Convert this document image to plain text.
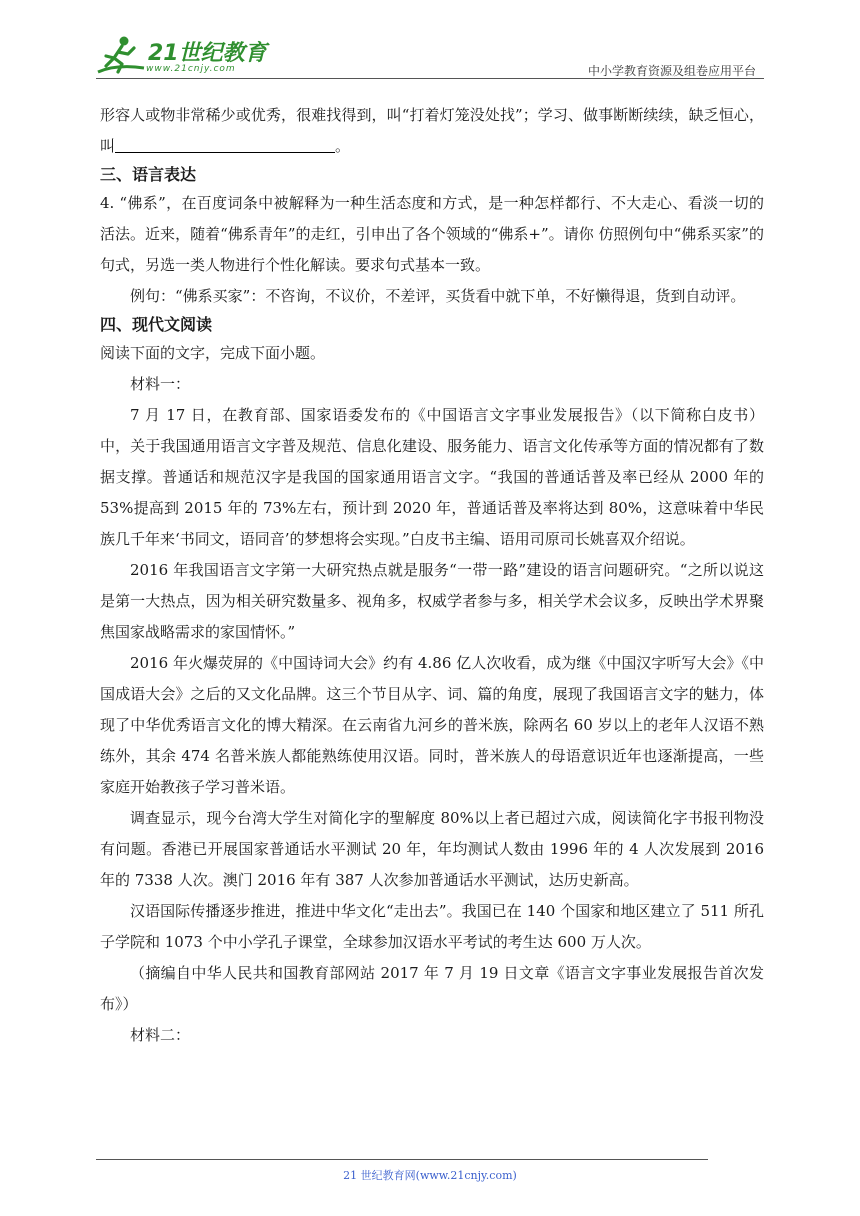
21世纪教育
www.21cnjy.com	中小学教育资源及组卷应用平台

形容人或物非常稀少或优秀，很难找得到，叫“打着灯笼没处找”；学习、做事断断续续，缺乏恒心，叫	。

三、语言表达

4. “佛系”，在百度词条中被解释为一种生活态度和方式，是一种怎样都行、不大走心、看淡一切的活法。近来，随着“佛系青年”的走红，引申出了各个领域的“佛系+”。请你 仿照例句中“佛系买家”的句式，另选一类人物进行个性化解读。要求句式基本一致。

例句：“佛系买家”：不咨询，不议价，不差评，买货看中就下单，不好懒得退，货到自动评。

四、现代文阅读

阅读下面的文字，完成下面小题。

材料一：

7 月 17 日，在教育部、国家语委发布的《中国语言文字事业发展报告》（以下简称白皮书）中，关于我国通用语言文字普及规范、信息化建设、服务能力、语言文化传承等方面的情况都有了数据支撑。普通话和规范汉字是我国的国家通用语言文字。“我国的普通话普及率已经从 2000 年的 53%提高到 2015 年的 73%左右，预计到 2020 年，普通话普及率将达到 80%，这意味着中华民族几千年来‘书同文，语同音’的梦想将会实现。”白皮书主编、语用司原司长姚喜双介绍说。

2016 年我国语言文字第一大研究热点就是服务“一带一路”建设的语言问题研究。“之所以说这是第一大热点，因为相关研究数量多、视角多，权威学者参与多，相关学术会议多，反映出学术界聚焦国家战略需求的家国情怀。”

2016 年火爆荧屏的《中国诗词大会》约有 4.86 亿人次收看，成为继《中国汉字听写大会》《中国成语大会》之后的又文化品牌。这三个节目从字、词、篇的角度，展现了我国语言文字的魅力，体现了中华优秀语言文化的博大精深。在云南省九河乡的普米族，除两名 60 岁以上的老年人汉语不熟练外，其余 474 名普米族人都能熟练使用汉语。同时，普米族人的母语意识近年也逐渐提高，一些家庭开始教孩子学习普米语。

调查显示，现今台湾大学生对简化字的聖解度 80%以上者已超过六成，阅读简化字书报刊物没有问题。香港已开展国家普通话水平测试 20 年，年均测试人数由 1996 年的 4 人次发展到 2016 年的 7338 人次。澳门 2016 年有 387 人次参加普通话水平测试，达历史新高。

汉语国际传播逐步推进，推进中华文化“走出去”。我国已在 140 个国家和地区建立了 511 所孔子学院和 1073 个中小学孔子课堂，全球参加汉语水平考试的考生达 600 万人次。

（摘编自中华人民共和国教育部网站 2017 年 7 月 19 日文章《语言文字事业发展报告首次发布》）

材料二：

21 世纪教育网(www.21cnjy.com)
